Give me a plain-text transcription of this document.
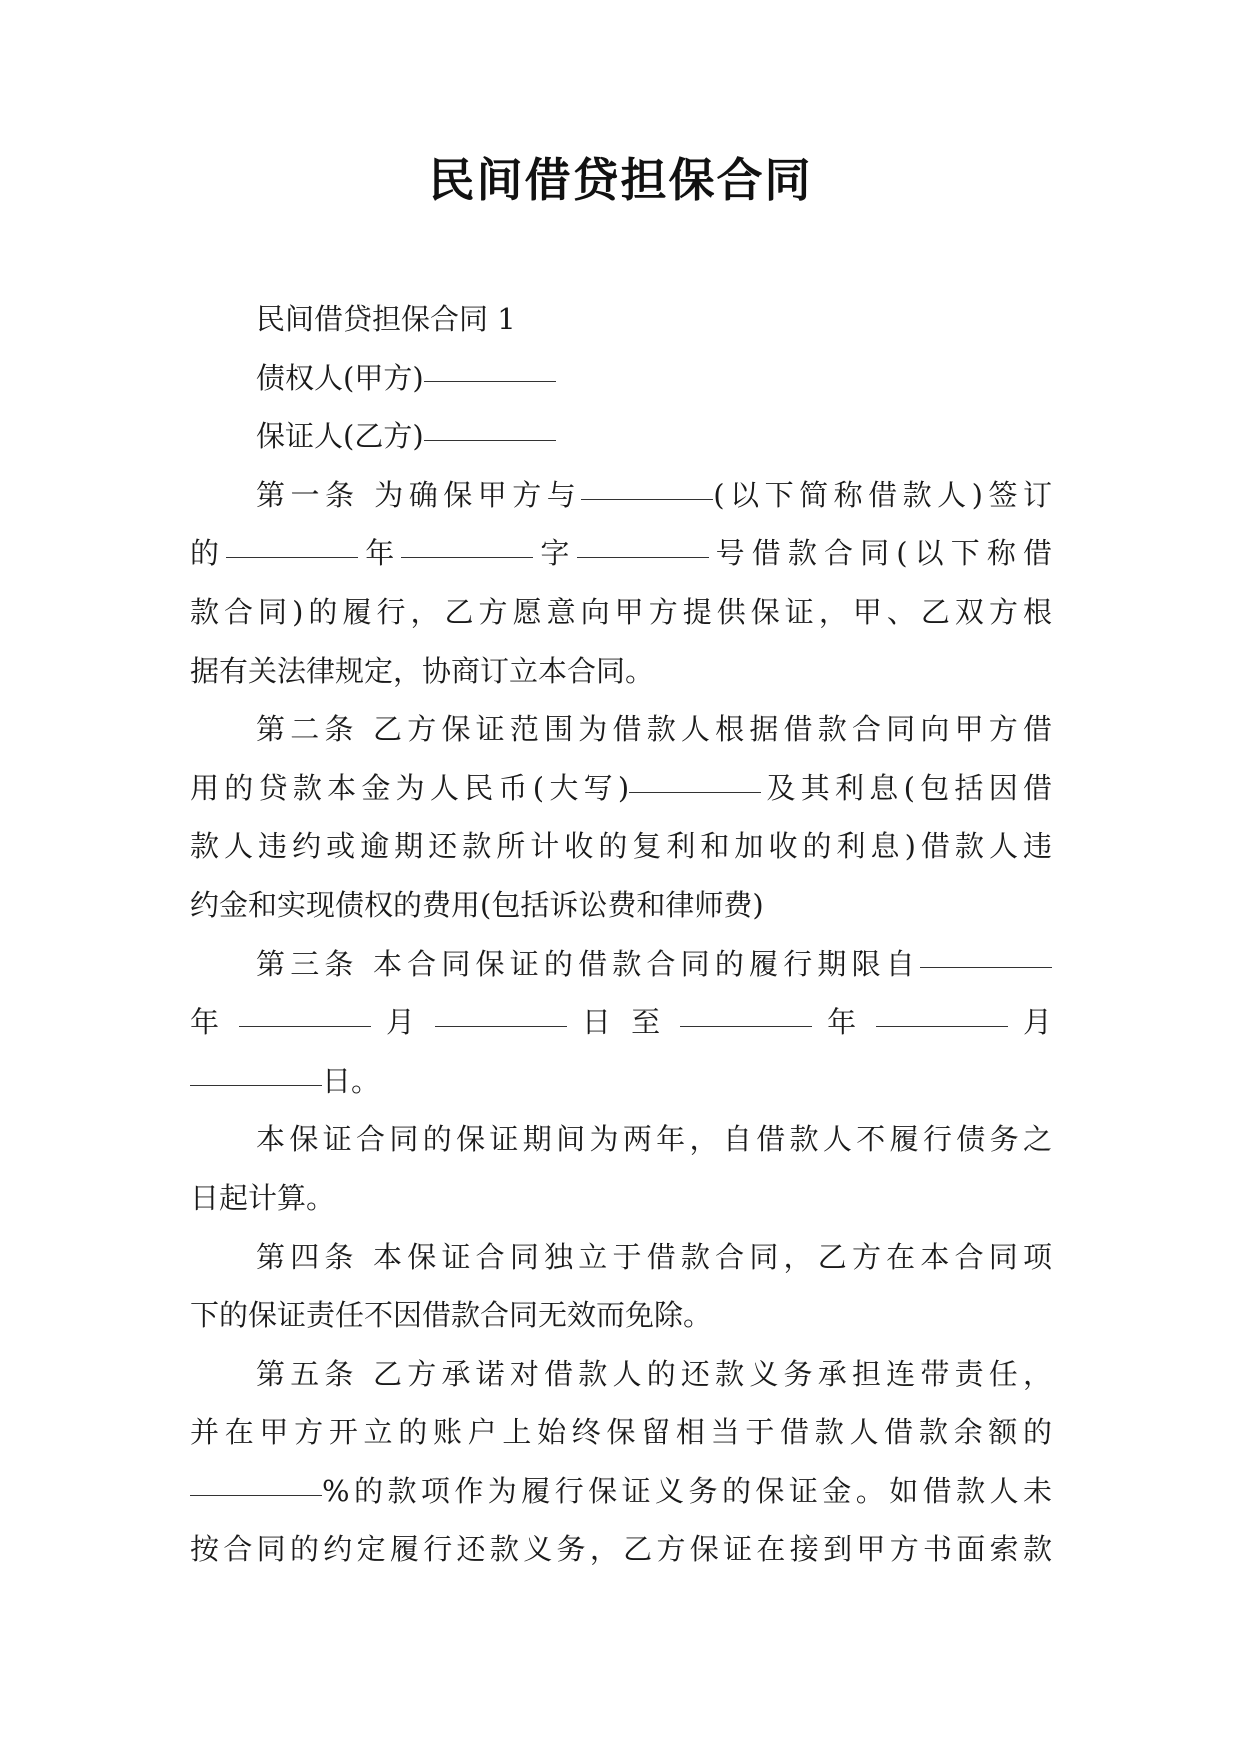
民间借贷担保合同
民间借贷担保合同 1
债权人(甲方)
保证人(乙方)
第一条 为确保甲方与	(以下简称借款人)签订
的	年	字	号借款合同(以下称借
款合同)的履行，乙方愿意向甲方提供保证，甲、乙双方根
据有关法律规定，协商订立本合同。
第二条 乙方保证范围为借款人根据借款合同向甲方借
用的贷款本金为人民币(大写)	及其利息(包括因借
款人违约或逾期还款所计收的复利和加收的利息)借款人违
约金和实现债权的费用(包括诉讼费和律师费)
第三条 本合同保证的借款合同的履行期限自
年	月	日 至	年	月
日。
本保证合同的保证期间为两年，自借款人不履行债务之
日起计算。
第四条 本保证合同独立于借款合同，乙方在本合同项
下的保证责任不因借款合同无效而免除。
第五条 乙方承诺对借款人的还款义务承担连带责任，
并在甲方开立的账户上始终保留相当于借款人借款余额的
%的款项作为履行保证义务的保证金。如借款人未
按合同的约定履行还款义务，乙方保证在接到甲方书面索款
